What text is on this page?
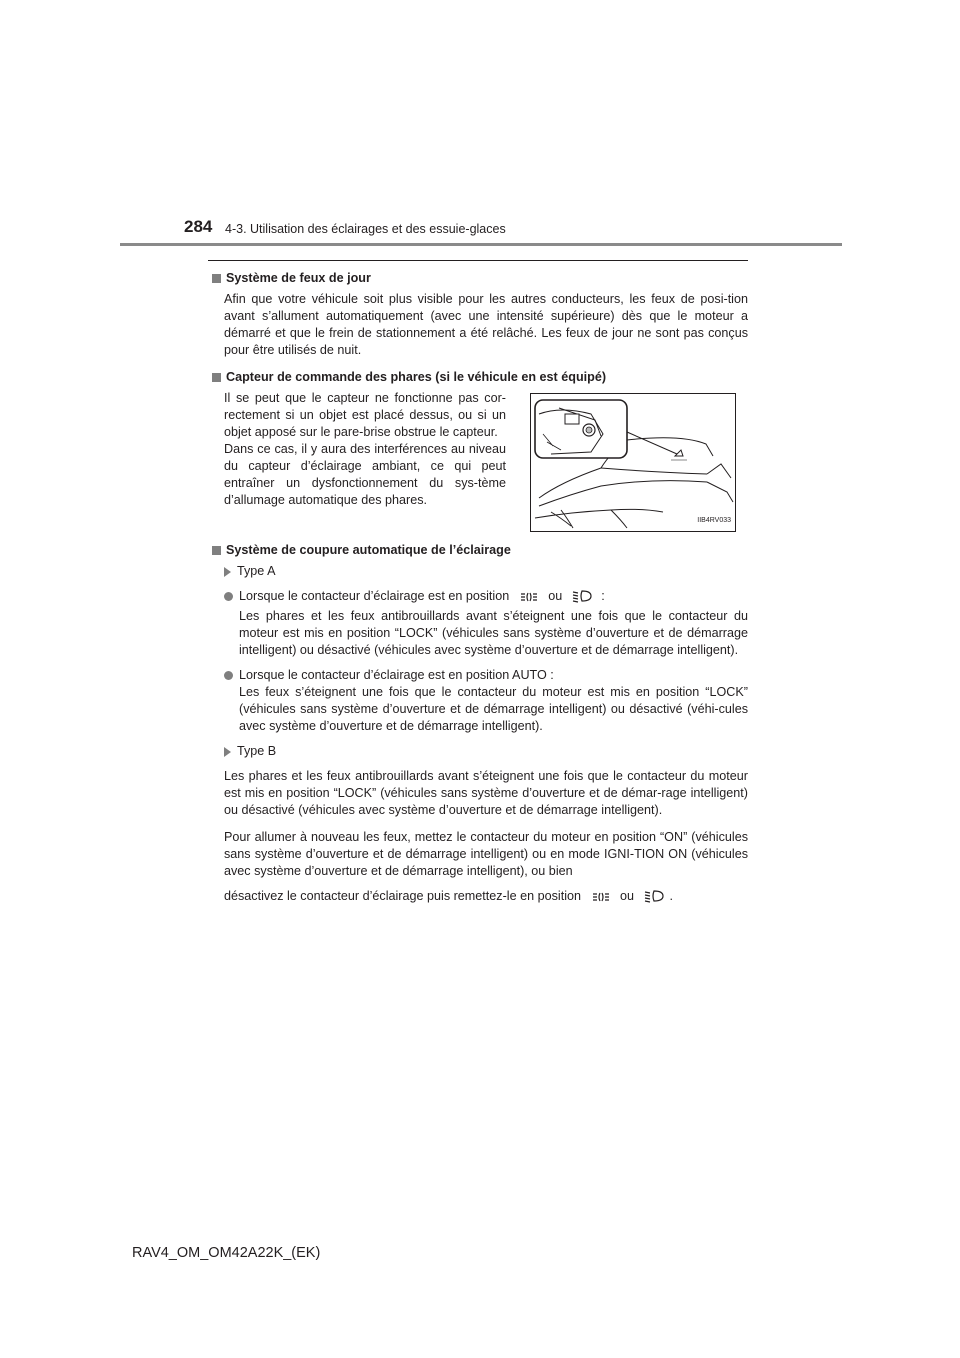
284 4-3. Utilisation des éclairages et des essuie-glaces
Système de feux de jour

Afin que votre véhicule soit plus visible pour les autres conducteurs, les feux de posi-tion avant s’allument automatiquement (avec une intensité supérieure) dès que le moteur a démarré et que le frein de stationnement a été relâché. Les feux de jour ne sont pas conçus pour être utilisés de nuit.

Capteur de commande des phares (si le véhicule en est équipé)
Il se peut que le capteur ne fonctionne pas cor-rectement si un objet est placé dessus, ou si un objet apposé sur le pare-brise obstrue le capteur.
Dans ce cas, il y aura des interférences au niveau du capteur d’éclairage ambiant, ce qui peut entraîner un dysfonctionnement du sys-tème d’allumage automatique des phares.
IIB4RV033
Système de coupure automatique de l’éclairage
Type A
Lorsque le contacteur d’éclairage est en position	ou	:
Les phares et les feux antibrouillards avant s’éteignent une fois que le contacteur du moteur est mis en position “LOCK” (véhicules sans système d’ouverture et de démarrage intelligent) ou désactivé (véhicules avec système d’ouverture et de démarrage intelligent).
Lorsque le contacteur d’éclairage est en position AUTO :
Les feux s’éteignent une fois que le contacteur du moteur est mis en position “LOCK” (véhicules sans système d’ouverture et de démarrage intelligent) ou désactivé (véhi-cules avec système d’ouverture et de démarrage intelligent).
Type B

Les phares et les feux antibrouillards avant s’éteignent une fois que le contacteur du moteur est mis en position “LOCK” (véhicules sans système d’ouverture et de démar-rage intelligent) ou désactivé (véhicules avec système d’ouverture et de démarrage intelligent).

Pour allumer à nouveau les feux, mettez le contacteur du moteur en position “ON” (véhicules sans système d’ouverture et de démarrage intelligent) ou en mode IGNI-TION ON (véhicules avec système d’ouverture et de démarrage intelligent), ou bien

désactivez le contacteur d’éclairage puis remettez-le en position	ou	.

RAV4_OM_OM42A22K_(EK)
